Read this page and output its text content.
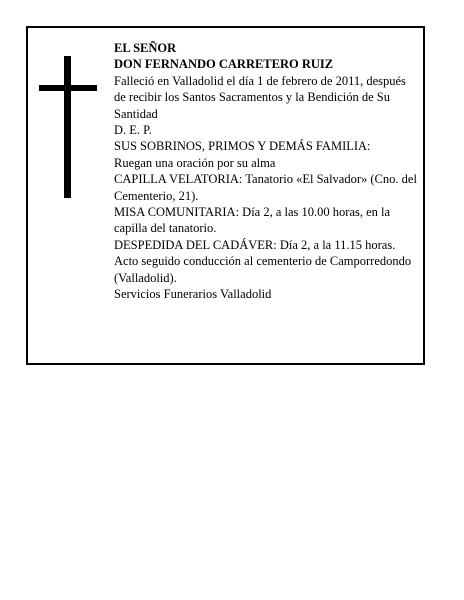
EL SEÑOR

DON FERNANDO CARRETERO RUIZ

Falleció en Valladolid el día 1 de febrero de 2011, después de recibir los Santos Sacramentos y la Bendición de Su Santidad

D. E. P.

SUS SOBRINOS, PRIMOS Y DEMÁS FAMILIA:

Ruegan una oración por su alma

CAPILLA VELATORIA: Tanatorio «El Salvador» (Cno. del Cementerio, 21).

MISA COMUNITARIA: Día 2, a las 10.00 horas, en la capilla del tanatorio.

DESPEDIDA DEL CADÁVER: Día 2, a la 11.15 horas. Acto seguido conducción al cementerio de Camporredondo (Valladolid).

Servicios Funerarios Valladolid
